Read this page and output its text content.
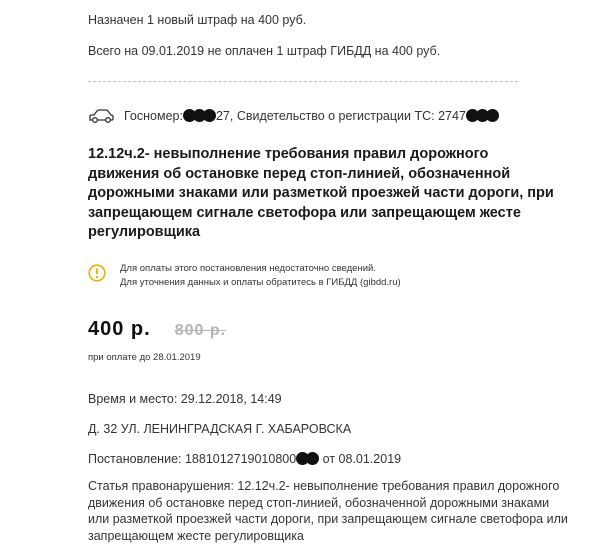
Назначен 1 новый штраф на 400 руб.
Всего на 09.01.2019 не оплачен 1 штраф ГИБДД на 400 руб.
Госномер:	27 , Свидетельство о регистрации ТС: 2747
12.12ч.2- невыполнение требования правил дорожного движения об остановке перед стоп-линией, обозначенной дорожными знаками или разметкой проезжей части дороги, при запрещающем сигнале светофора или запрещающем жесте регулировщика
Для оплаты этого постановления недостаточно сведений.
Для уточнения данных и оплаты обратитесь в ГИБДД (gibdd.ru)
400 р. 800 р.
при оплате до 28.01.2019
Время и место: 29.12.2018, 14:49
Д. 32 УЛ. ЛЕНИНГРАДСКАЯ Г. ХАБАРОВСКА
Постановление: 1881012719010800 от 08.01.2019
Статья правонарушения: 12.12ч.2- невыполнение требования правил дорожного движения об остановке перед стоп-линией, обозначенной дорожными знаками или разметкой проезжей части дороги, при запрещающем сигнале светофора или запрещающем жесте регулировщика
